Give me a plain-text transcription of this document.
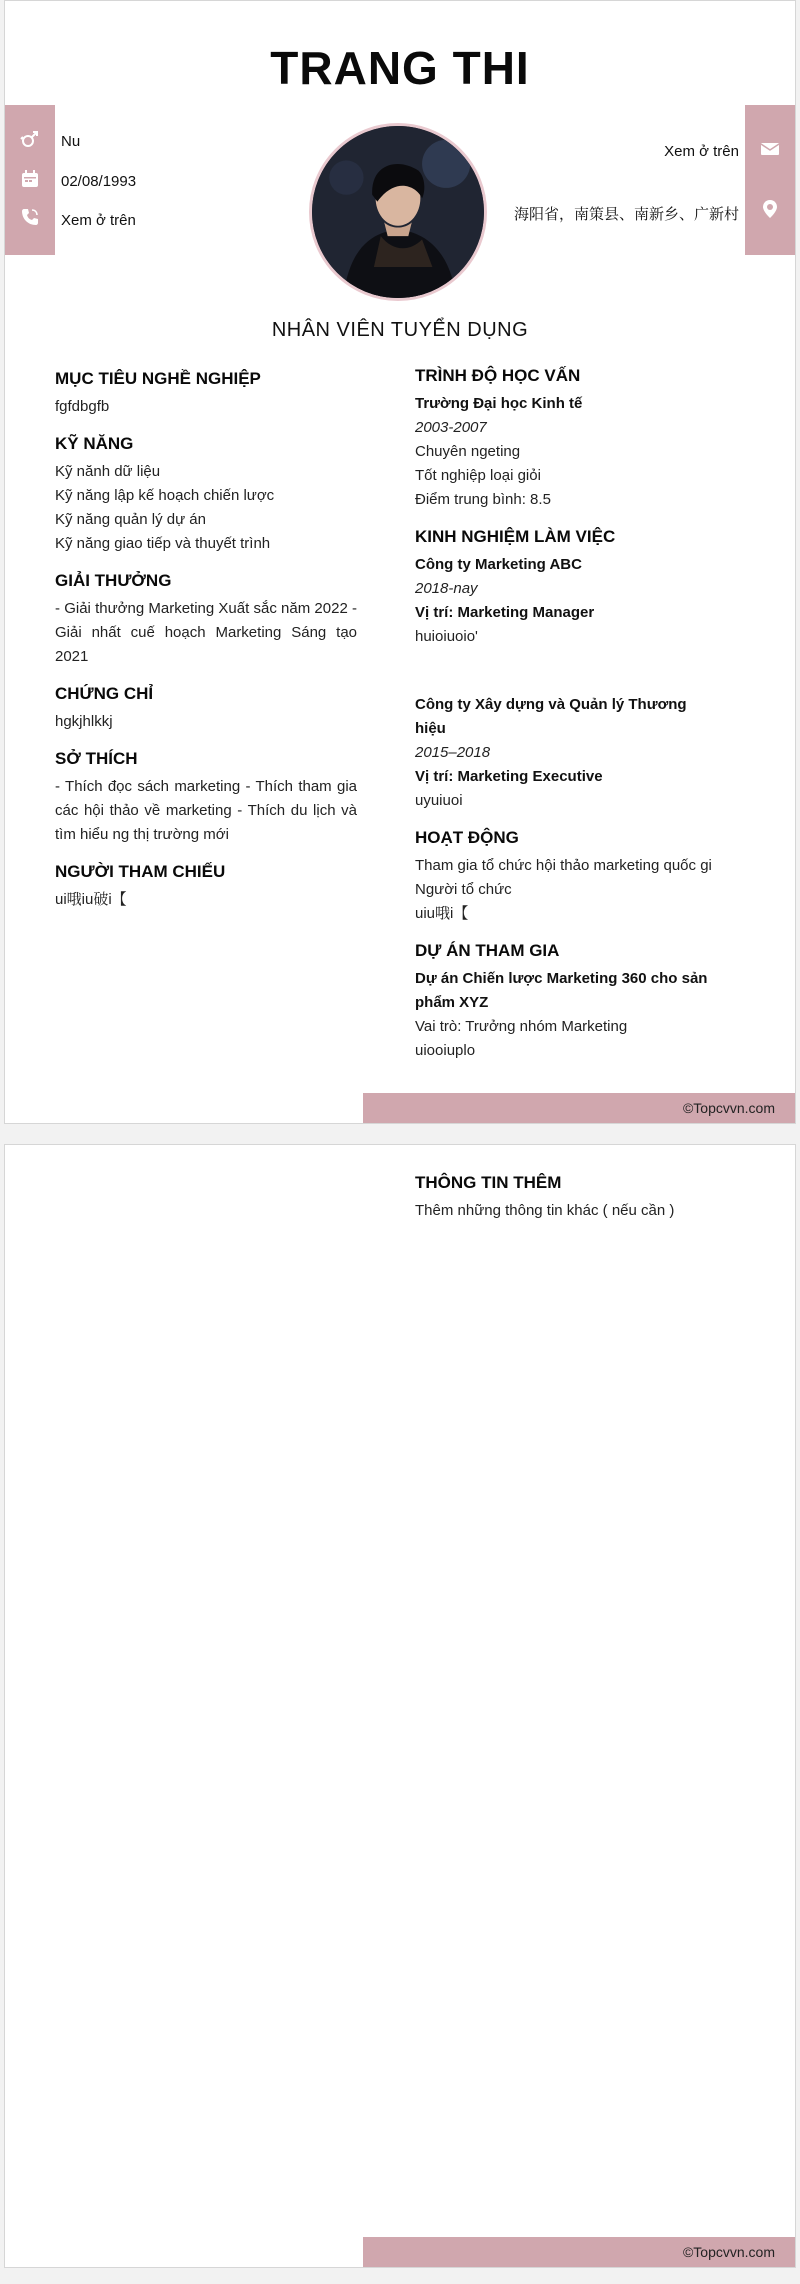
TRANG THI
Nu
02/08/1993
Xem ở trên
Xem ở trên
海阳省，南策县、南新乡、广新村
NHÂN VIÊN TUYỂN DỤNG
MỤC TIÊU NGHỀ NGHIỆP

fgfdbgfb

KỸ NĂNG

Kỹ nănh dữ liệu

Kỹ năng lập kế hoạch chiến lược

Kỹ năng quản lý dự án

Kỹ năng giao tiếp và thuyết trình

GIẢI THƯỞNG

- Giải thưởng Marketing Xuất sắc năm 2022 - Giải nhất cuế hoạch Marketing Sáng tạo 2021

CHỨNG CHỈ

hgkjhlkkj

SỞ THÍCH

- Thích đọc sách marketing - Thích tham gia các hội thảo về marketing - Thích du lịch và tìm hiểu ng thị trường mới

NGƯỜI THAM CHIẾU

ui哦iu破i【

TRÌNH ĐỘ HỌC VẤN

Trường Đại học Kinh tế

2003-2007

Chuyên ngeting

Tốt nghiệp loại giỏi

Điểm trung bình: 8.5

KINH NGHIỆM LÀM VIỆC

Công ty Marketing ABC

2018-nay

Vị trí: Marketing Manager

huioiuoio'

Công ty Xây dựng và Quản lý Thương hiệu

2015–2018

Vị trí: Marketing Executive

uyuiuoi

HOẠT ĐỘNG

Tham gia tổ chức hội thảo marketing quốc gi

Người tổ chức

uiu哦i【

DỰ ÁN THAM GIA

Dự án Chiến lược Marketing 360 cho sản phẩm XYZ

Vai trò: Trưởng nhóm Marketing

uiooiuplo

©Topcvvn.com
THÔNG TIN THÊM

Thêm những thông tin khác ( nếu cần )

©Topcvvn.com
